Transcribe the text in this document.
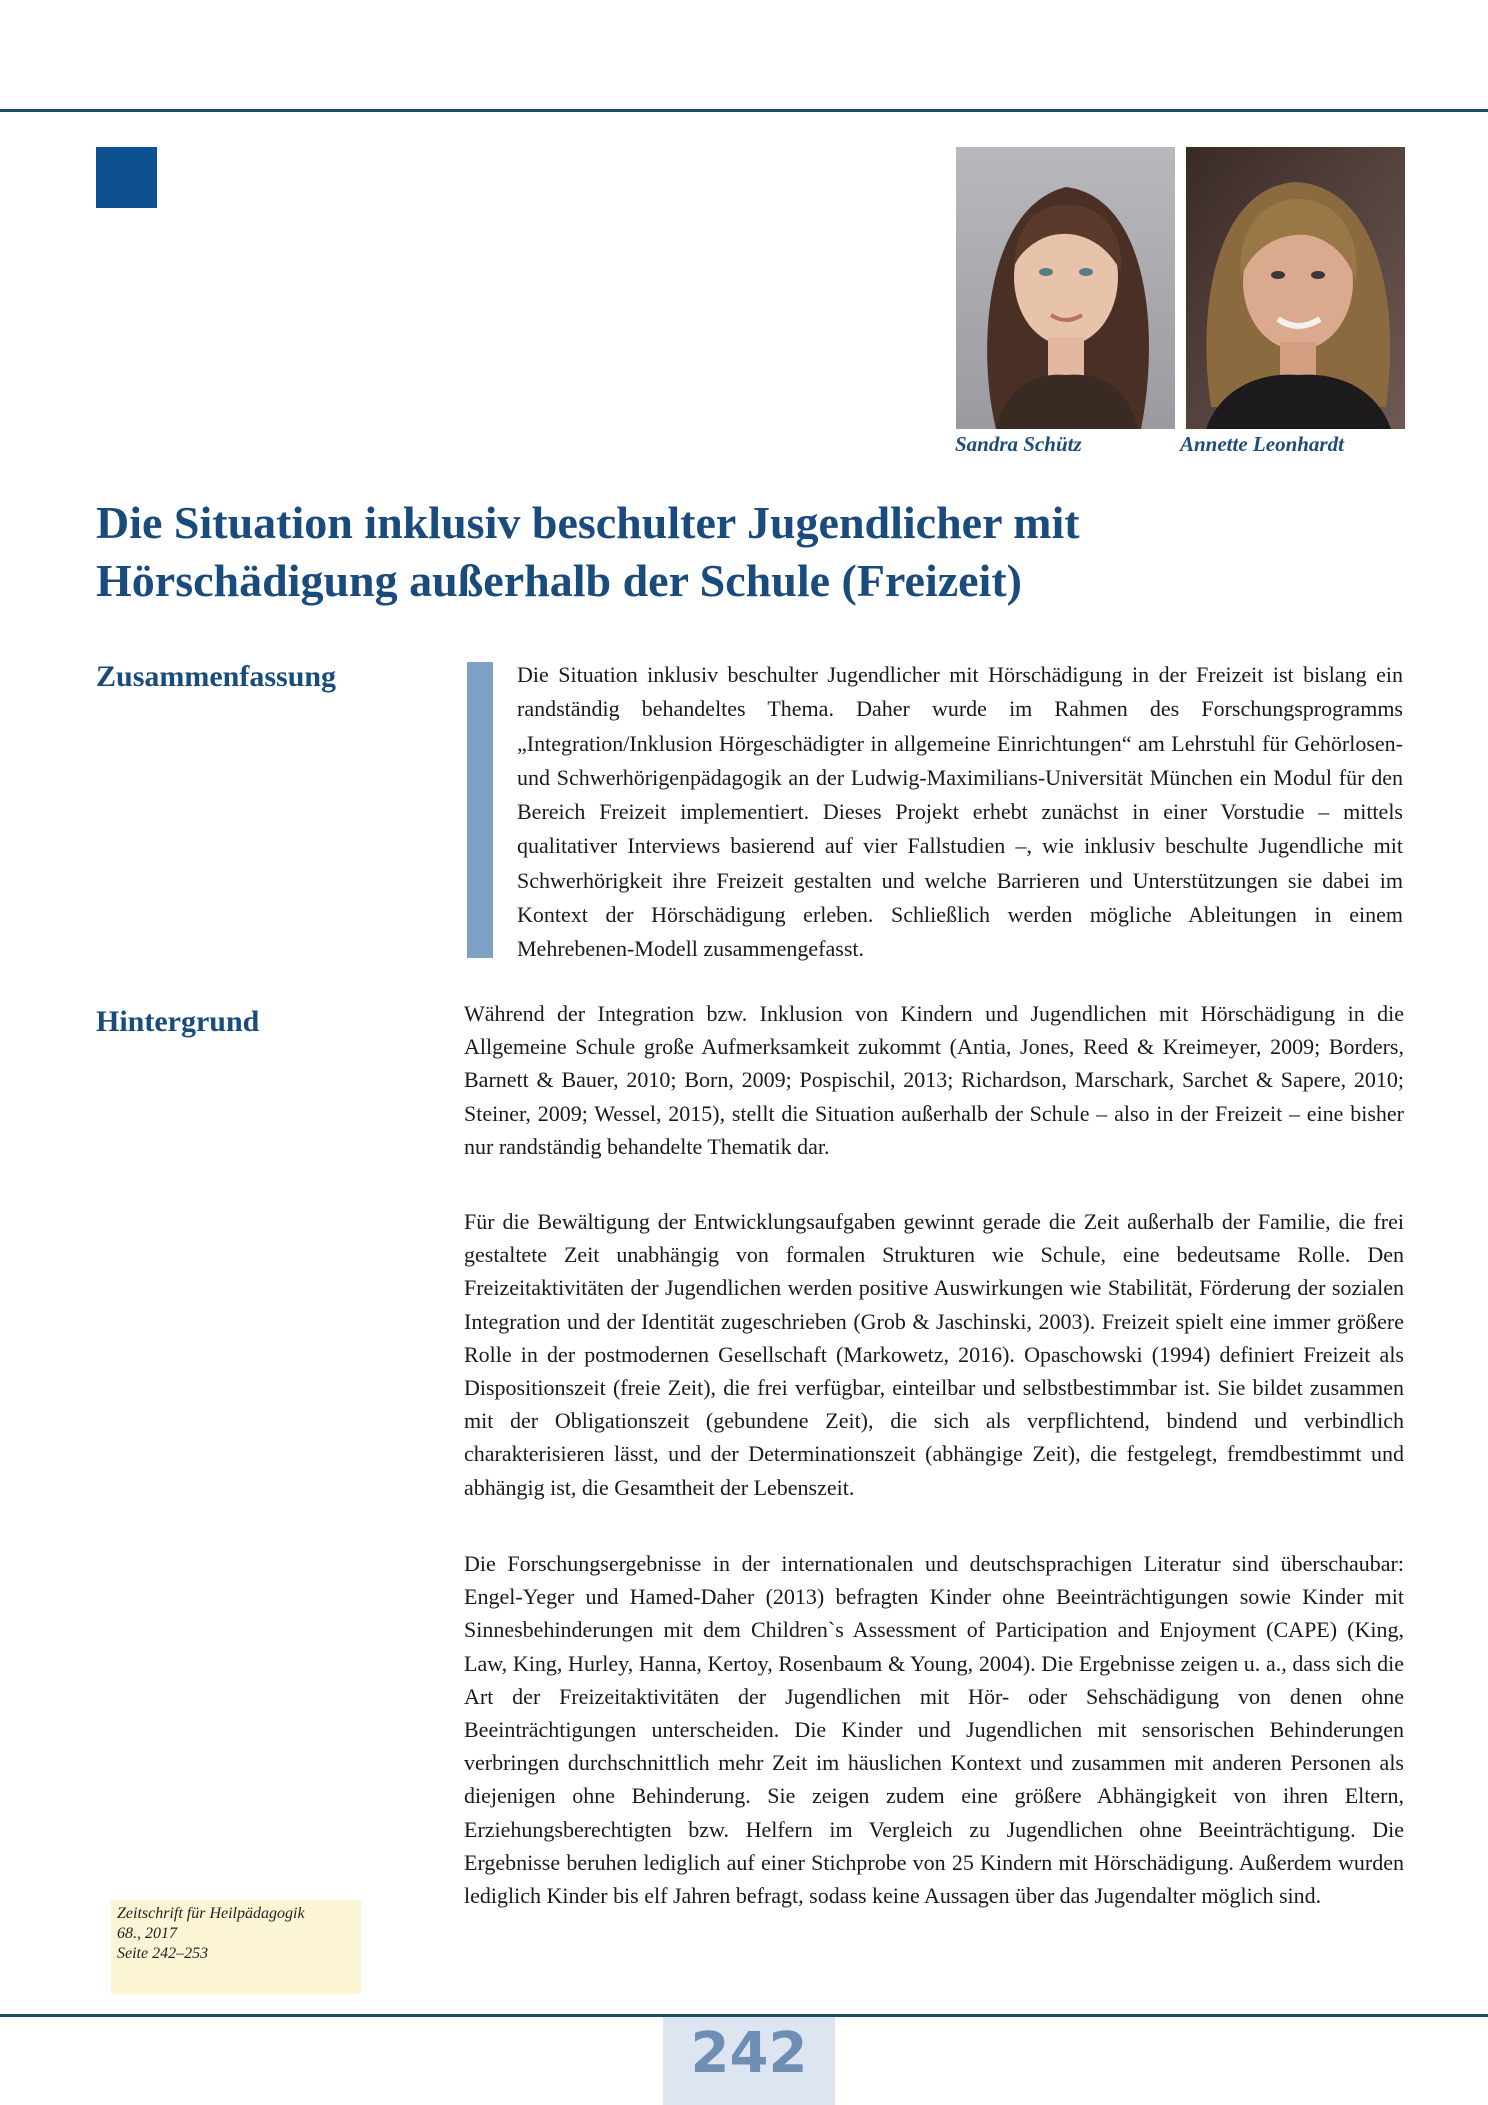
Sandra Schütz	Annette Leonhardt
Die Situation inklusiv beschulter Jugendlicher mit
Hörschädigung außerhalb der Schule (Freizeit)
Zusammenfassung	Die Situation inklusiv beschulter Jugendlicher mit Hörschädigung in der Freizeit ist bislang ein randständig behandeltes Thema. Daher wurde im Rahmen des Forschungsprogramms „Integration/Inklusion Hörgeschädigter in allgemeine Einrichtungen“ am Lehrstuhl für Gehörlosen- und Schwerhörigenpädagogik an der Ludwig-Maximilians-Universität München ein Modul für den Bereich Freizeit implementiert. Dieses Projekt erhebt zunächst in einer Vorstudie – mittels qualitativer Interviews basierend auf vier Fallstudien –, wie inklusiv beschulte Jugendliche mit Schwerhörigkeit ihre Freizeit gestalten und welche Barrieren und Unterstützungen sie dabei im Kontext der Hörschädigung erleben. Schließlich werden mögliche Ableitungen in einem Mehrebenen-Modell zusammengefasst.

Hintergrund	Während der Integration bzw. Inklusion von Kindern und Jugendlichen mit Hörschädigung in die Allgemeine Schule große Aufmerksamkeit zukommt (Antia, Jones, Reed & Kreimeyer, 2009; Borders, Barnett & Bauer, 2010; Born, 2009; Pospischil, 2013; Richardson, Marschark, Sarchet & Sapere, 2010; Steiner, 2009; Wessel, 2015), stellt die Situation außerhalb der Schule – also in der Freizeit – eine bisher nur randständig behandelte Thematik dar.

Für die Bewältigung der Entwicklungsaufgaben gewinnt gerade die Zeit außerhalb der Familie, die frei gestaltete Zeit unabhängig von formalen Strukturen wie Schule, eine bedeutsame Rolle. Den Freizeitaktivitäten der Jugendlichen werden positive Auswirkungen wie Stabilität, Förderung der sozialen Integration und der Identität zugeschrieben (Grob & Jaschinski, 2003). Freizeit spielt eine immer größere Rolle in der postmodernen Gesellschaft (Markowetz, 2016). Opaschowski (1994) definiert Freizeit als Dispositionszeit (freie Zeit), die frei verfügbar, einteilbar und selbstbestimmbar ist. Sie bildet zusammen mit der Obligationszeit (gebundene Zeit), die sich als verpflichtend, bindend und verbindlich charakterisieren lässt, und der Determinationszeit (abhängige Zeit), die festgelegt, fremdbestimmt und abhängig ist, die Gesamtheit der Lebenszeit.

Die Forschungsergebnisse in der internationalen und deutschsprachigen Literatur sind überschaubar: Engel-Yeger und Hamed-Daher (2013) befragten Kinder ohne Beeinträchtigungen sowie Kinder mit Sinnesbehinderungen mit dem Children`s Assessment of Participation and Enjoyment (CAPE) (King, Law, King, Hurley, Hanna, Kertoy, Rosenbaum & Young, 2004). Die Ergebnisse zeigen u. a., dass sich die Art der Freizeitaktivitäten der Jugendlichen mit Hör- oder Sehschädigung von denen ohne Beeinträchtigungen unterscheiden. Die Kinder und Jugendlichen mit sensorischen Behinderungen verbringen durchschnittlich mehr Zeit im häuslichen Kontext und zusammen mit anderen Personen als diejenigen ohne Behinderung. Sie zeigen zudem eine größere Abhängigkeit von ihren Eltern, Erziehungsberechtigten bzw. Helfern im Vergleich zu Jugendlichen ohne Beeinträchtigung. Die Ergebnisse beruhen lediglich auf einer Stichprobe von 25 Kindern mit Hörschädigung. Außerdem wurden lediglich Kinder bis elf Jahren befragt, sodass keine Aussagen über das Jugendalter möglich sind.

Zeitschrift für Heilpädagogik
68., 2017
Seite 242–253
242
